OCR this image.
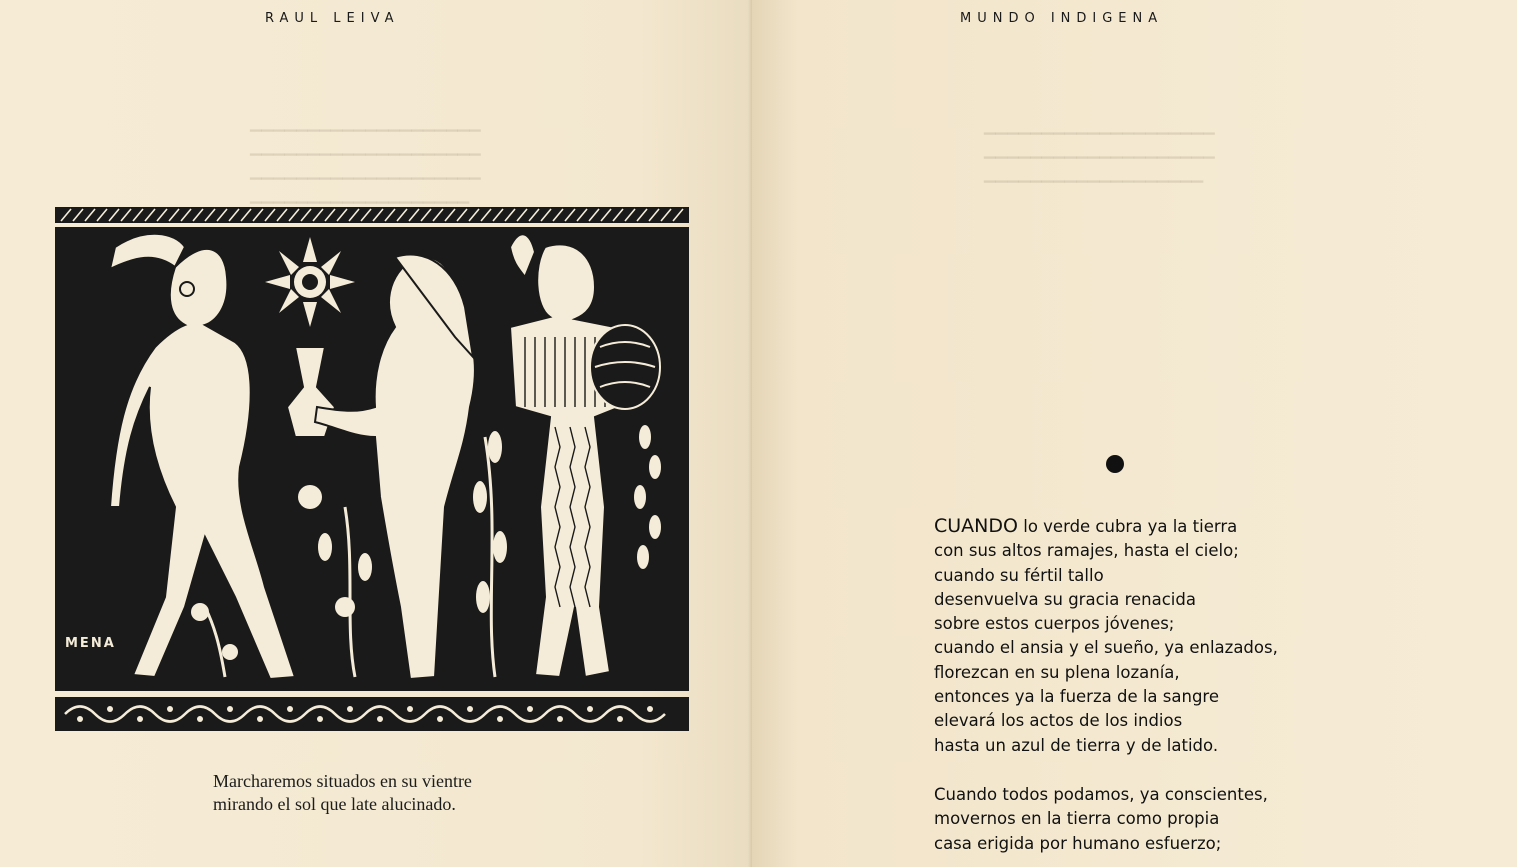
RAUL LEIVA
▁▁▁▁▁▁▁▁▁▁▁▁▁▁▁▁▁▁▁▁
▁▁▁▁▁▁▁▁▁▁▁▁▁▁▁▁▁▁▁▁
▁▁▁▁▁▁▁▁▁▁▁▁▁▁▁▁▁▁▁▁
▁▁▁▁▁▁▁▁▁▁▁▁▁▁▁▁▁▁▁
MENA
Marcharemos situados en su vientre
mirando el sol que late alucinado.
MUNDO INDIGENA
▁▁▁▁▁▁▁▁▁▁▁▁▁▁▁▁▁▁▁▁
▁▁▁▁▁▁▁▁▁▁▁▁▁▁▁▁▁▁▁▁
▁▁▁▁▁▁▁▁▁▁▁▁▁▁▁▁▁▁▁
CUANDO lo verde cubra ya la tierra
con sus altos ramajes, hasta el cielo;
cuando su fértil tallo
desenvuelva su gracia renacida
sobre estos cuerpos jóvenes;
cuando el ansia y el sueño, ya enlazados,
florezcan en su plena lozanía,
entonces ya la fuerza de la sangre
elevará los actos de los indios
hasta un azul de tierra y de latido.
Cuando todos podamos, ya conscientes,
movernos en la tierra como propia
casa erigida por humano esfuerzo;
